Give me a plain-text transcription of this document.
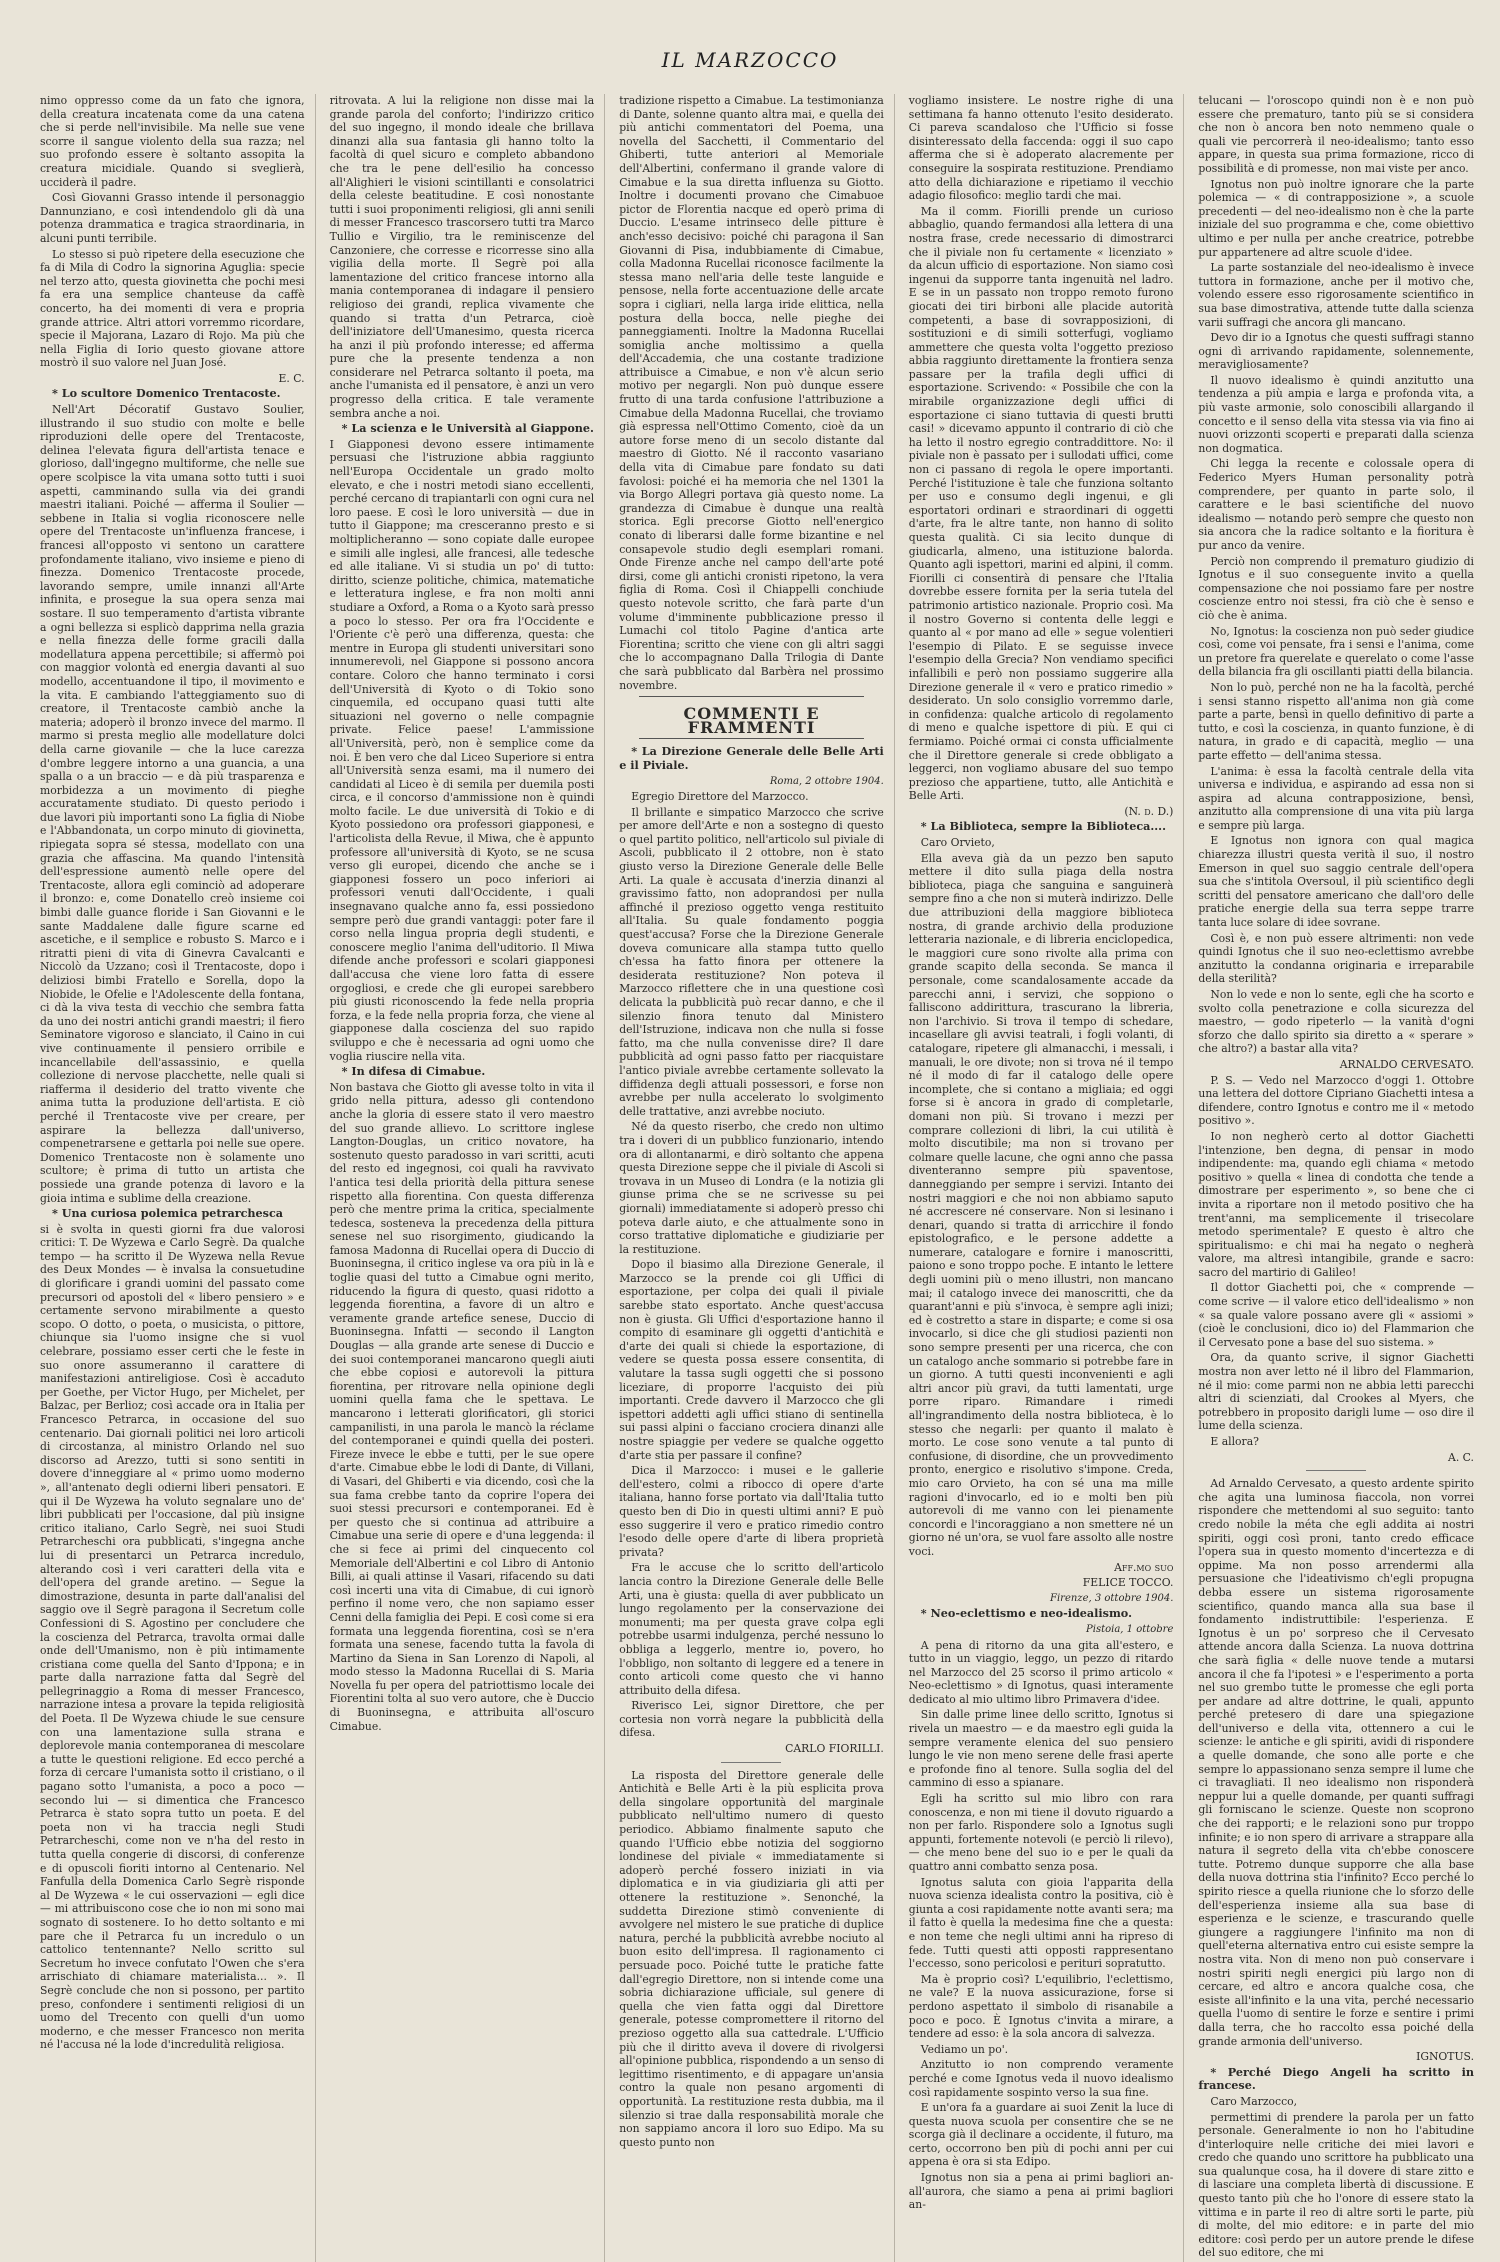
IL MARZOCCO

nimo oppresso come da un fato che ignora, della creatura incatenata come da una catena che si perde nell'invisibile. Ma nelle sue vene scorre il sangue violento della sua razza; nel suo profondo essere è soltanto assopita la creatura micidiale. Quando si sveglierà, ucciderà il padre.

Così Giovanni Grasso intende il personaggio Dannunziano, e così intendendolo gli dà una potenza drammatica e tragica straordinaria, in alcuni punti terribile.

Lo stesso si può ripetere della esecuzione che fa di Mila di Codro la signorina Aguglia: specie nel terzo atto, questa giovinetta che pochi mesi fa era una semplice chanteuse da caffè concerto, ha dei momenti di vera e propria grande attrice. Altri attori vorremmo ricordare, specie il Majorana, Lazaro di Rojo. Ma più che nella Figlia di Iorio questo giovane attore mostrò il suo valore nel Juan José.

E. C.

* Lo scultore Domenico Trentacoste.

Nell'Art Décoratif Gustavo Soulier, illustrando il suo studio con molte e belle riproduzioni delle opere del Trentacoste, delinea l'elevata figura dell'artista tenace e glorioso, dall'ingegno multiforme, che nelle sue opere scolpisce la vita umana sotto tutti i suoi aspetti, camminando sulla via dei grandi maestri italiani. Poiché — afferma il Soulier — sebbene in Italia si voglia riconoscere nelle opere del Trentacoste un'influenza francese, i francesi all'opposto vi sentono un carattere profondamente italiano, vivo insieme e pieno di finezza. Domenico Trentacoste procede, lavorando sempre, umile innanzi all'Arte infinita, e prosegue la sua opera senza mai sostare. Il suo temperamento d'artista vibrante a ogni bellezza si esplicò dapprima nella grazia e nella finezza delle forme gracili dalla modellatura appena percettibile; si affermò poi con maggior volontà ed energia davanti al suo modello, accentuandone il tipo, il movimento e la vita. E cambiando l'atteggiamento suo di creatore, il Trentacoste cambiò anche la materia; adoperò il bronzo invece del marmo. Il marmo si presta meglio alle modellature dolci della carne giovanile — che la luce carezza d'ombre leggere intorno a una guancia, a una spalla o a un braccio — e dà più trasparenza e morbidezza a un movimento di pieghe accuratamente studiato. Di questo periodo i due lavori più importanti sono La figlia di Niobe e l'Abbandonata, un corpo minuto di giovinetta, ripiegata sopra sé stessa, modellato con una grazia che affascina. Ma quando l'intensità dell'espressione aumentò nelle opere del Trentacoste, allora egli cominciò ad adoperare il bronzo: e, come Donatello creò insieme coi bimbi dalle guance floride i San Giovanni e le sante Maddalene dalle figure scarne ed ascetiche, e il semplice e robusto S. Marco e i ritratti pieni di vita di Ginevra Cavalcanti e Niccolò da Uzzano; così il Trentacoste, dopo i deliziosi bimbi Fratello e Sorella, dopo la Niobide, le Ofelie e l'Adolescente della fontana, ci dà la viva testa di vecchio che sembra fatta da uno dei nostri antichi grandi maestri; il fiero Seminatore vigoroso e slanciato, il Caino in cui vive continuamente il pensiero orribile e incancellabile dell'assassinio, e quella collezione di nervose placchette, nelle quali si riafferma il desiderio del tratto vivente che anima tutta la produzione dell'artista. E ciò perché il Trentacoste vive per creare, per aspirare la bellezza dall'universo, compenetrarsene e gettarla poi nelle sue opere. Domenico Trentacoste non è solamente uno scultore; è prima di tutto un artista che possiede una grande potenza di lavoro e la gioia intima e sublime della creazione.

* Una curiosa polemica petrarchesca

si è svolta in questi giorni fra due valorosi critici: T. De Wyzewa e Carlo Segrè. Da qualche tempo — ha scritto il De Wyzewa nella Revue des Deux Mondes — è invalsa la consuetudine di glorificare i grandi uomini del passato come precursori od apostoli del « libero pensiero » e certamente servono mirabilmente a questo scopo. O dotto, o poeta, o musicista, o pittore, chiunque sia l'uomo insigne che si vuol celebrare, possiamo esser certi che le feste in suo onore assumeranno il carattere di manifestazioni antireligiose. Così è accaduto per Goethe, per Victor Hugo, per Michelet, per Balzac, per Berlioz; così accade ora in Italia per Francesco Petrarca, in occasione del suo centenario. Dai giornali politici nei loro articoli di circostanza, al ministro Orlando nel suo discorso ad Arezzo, tutti si sono sentiti in dovere d'inneggiare al « primo uomo moderno », all'antenato degli odierni liberi pensatori. E qui il De Wyzewa ha voluto segnalare uno de' libri pubblicati per l'occasione, dal più insigne critico italiano, Carlo Segrè, nei suoi Studi Petrarcheschi ora pubblicati, s'ingegna anche lui di presentarci un Petrarca incredulo, alterando così i veri caratteri della vita e dell'opera del grande aretino. — Segue la dimostrazione, desunta in parte dall'analisi del saggio ove il Segrè paragona il Secretum colle Confessioni di S. Agostino per concludere che la coscienza del Petrarca, travolta ormai dalle onde dell'Umanismo, non è più intimamente cristiana come quella del Santo d'Ippona; e in parte dalla narrazione fatta dal Segrè del pellegrinaggio a Roma di messer Francesco, narrazione intesa a provare la tepida religiosità del Poeta. Il De Wyzewa chiude le sue censure con una lamentazione sulla strana e deplorevole mania contemporanea di mescolare a tutte le questioni religione. Ed ecco perché a forza di cercare l'umanista sotto il cristiano, o il pagano sotto l'umanista, a poco a poco — secondo lui — si dimentica che Francesco Petrarca è stato sopra tutto un poeta. E del poeta non vi ha traccia negli Studi Petrarcheschi, come non ve n'ha del resto in tutta quella congerie di discorsi, di conferenze e di opuscoli fioriti intorno al Centenario. Nel Fanfulla della Domenica Carlo Segrè risponde al De Wyzewa « le cui osservazioni — egli dice — mi attribuiscono cose che io non mi sono mai sognato di sostenere. Io ho detto soltanto e mi pare che il Petrarca fu un incredulo o un cattolico tentennante? Nello scritto sul Secretum ho invece confutato l'Owen che s'era arrischiato di chiamare materialista... ». Il Segrè conclude che non si possono, per partito preso, confondere i sentimenti religiosi di un uomo del Trecento con quelli d'un uomo moderno, e che messer Francesco non merita né l'accusa né la lode d'incredulità religiosa.

ritrovata. A lui la religione non disse mai la grande parola del conforto; l'indirizzo critico del suo ingegno, il mondo ideale che brillava dinanzi alla sua fantasia gli hanno tolto la facoltà di quel sicuro e completo abbandono che tra le pene dell'esilio ha concesso all'Alighieri le visioni scintillanti e consolatrici della celeste beatitudine. E così nonostante tutti i suoi proponimenti religiosi, gli anni senili di messer Francesco trascorsero tutti tra Marco Tullio e Virgilio, tra le reminiscenze del Canzoniere, che corresse e ricorresse sino alla vigilia della morte. Il Segrè poi alla lamentazione del critico francese intorno alla mania contemporanea di indagare il pensiero religioso dei grandi, replica vivamente che quando si tratta d'un Petrarca, cioè dell'iniziatore dell'Umanesimo, questa ricerca ha anzi il più profondo interesse; ed afferma pure che la presente tendenza a non considerare nel Petrarca soltanto il poeta, ma anche l'umanista ed il pensatore, è anzi un vero progresso della critica. E tale veramente sembra anche a noi.

* La scienza e le Università al Giappone.

I Giapponesi devono essere intimamente persuasi che l'istruzione abbia raggiunto nell'Europa Occidentale un grado molto elevato, e che i nostri metodi siano eccellenti, perché cercano di trapiantarli con ogni cura nel loro paese. E così le loro università — due in tutto il Giappone; ma cresceranno presto e si moltiplicheranno — sono copiate dalle europee e simili alle inglesi, alle francesi, alle tedesche ed alle italiane. Vi si studia un po' di tutto: diritto, scienze politiche, chimica, matematiche e letteratura inglese, e fra non molti anni studiare a Oxford, a Roma o a Kyoto sarà presso a poco lo stesso. Per ora fra l'Occidente e l'Oriente c'è però una differenza, questa: che mentre in Europa gli studenti universitari sono innumerevoli, nel Giappone si possono ancora contare. Coloro che hanno terminato i corsi dell'Università di Kyoto o di Tokio sono cinquemila, ed occupano quasi tutti alte situazioni nel governo o nelle compagnie private. Felice paese! L'ammissione all'Università, però, non è semplice come da noi. È ben vero che dal Liceo Superiore si entra all'Università senza esami, ma il numero dei candidati al Liceo è di semila per duemila posti circa, e il concorso d'ammissione non è quindi molto facile. Le due università di Tokio e di Kyoto possiedono ora professori giapponesi, e l'articolista della Revue, il Miwa, che è appunto professore all'università di Kyoto, se ne scusa verso gli europei, dicendo che anche se i giapponesi fossero un poco inferiori ai professori venuti dall'Occidente, i quali insegnavano qualche anno fa, essi possiedono sempre però due grandi vantaggi: poter fare il corso nella lingua propria degli studenti, e conoscere meglio l'anima dell'uditorio. Il Miwa difende anche professori e scolari giapponesi dall'accusa che viene loro fatta di essere orgogliosi, e crede che gli europei sarebbero più giusti riconoscendo la fede nella propria forza, e la fede nella propria forza, che viene al giapponese dalla coscienza del suo rapido sviluppo e che è necessaria ad ogni uomo che voglia riuscire nella vita.

* In difesa di Cimabue.

Non bastava che Giotto gli avesse tolto in vita il grido nella pittura, adesso gli contendono anche la gloria di essere stato il vero maestro del suo grande allievo. Lo scrittore inglese Langton-Douglas, un critico novatore, ha sostenuto questo paradosso in vari scritti, acuti del resto ed ingegnosi, coi quali ha ravvivato l'antica tesi della priorità della pittura senese rispetto alla fiorentina. Con questa differenza però che mentre prima la critica, specialmente tedesca, sosteneva la precedenza della pittura senese nel suo risorgimento, giudicando la famosa Madonna di Rucellai opera di Duccio di Buoninsegna, il critico inglese va ora più in là e toglie quasi del tutto a Cimabue ogni merito, riducendo la figura di questo, quasi ridotto a leggenda fiorentina, a favore di un altro e veramente grande artefice senese, Duccio di Buoninsegna. Infatti — secondo il Langton Douglas — alla grande arte senese di Duccio e dei suoi contemporanei mancarono quegli aiuti che ebbe copiosi e autorevoli la pittura fiorentina, per ritrovare nella opinione degli uomini quella fama che le spettava. Le mancarono i letterati glorificatori, gli storici campanilisti, in una parola le mancò la réclame del contemporanei e quindi quella dei posteri. Fireze invece le ebbe e tutti, per le sue opere d'arte. Cimabue ebbe le lodi di Dante, di Villani, di Vasari, del Ghiberti e via dicendo, così che la sua fama crebbe tanto da coprire l'opera dei suoi stessi precursori e contemporanei. Ed è per questo che si continua ad attribuire a Cimabue una serie di opere e d'una leggenda: il che si fece ai primi del cinquecento col Memoriale dell'Albertini e col Libro di Antonio Billi, ai quali attinse il Vasari, rifacendo su dati così incerti una vita di Cimabue, di cui ignorò perfino il nome vero, che non sapiamo esser Cenni della famiglia dei Pepi. E così come si era formata una leggenda fiorentina, così se n'era formata una senese, facendo tutta la favola di Martino da Siena in San Lorenzo di Napoli, al modo stesso la Madonna Rucellai di S. Maria Novella fu per opera del patriottismo locale dei Fiorentini tolta al suo vero autore, che è Duccio di Buoninsegna, e attribuita all'oscuro Cimabue.

tradizione rispetto a Cimabue. La testimonianza di Dante, solenne quanto altra mai, e quella dei più antichi commentatori del Poema, una novella del Sacchetti, il Commentario del Ghiberti, tutte anteriori al Memoriale dell'Albertini, confermano il grande valore di Cimabue e la sua diretta influenza su Giotto. Inoltre i documenti provano che Cimabuoe pictor de Florentia nacque ed operò prima di Duccio. L'esame intrinseco delle pitture è anch'esso decisivo: poiché chi paragona il San Giovanni di Pisa, indubbiamente di Cimabue, colla Madonna Rucellai riconosce facilmente la stessa mano nell'aria delle teste languide e pensose, nella forte accentuazione delle arcate sopra i cigliari, nella larga iride elittica, nella postura della bocca, nelle pieghe dei panneggiamenti. Inoltre la Madonna Rucellai somiglia anche moltissimo a quella dell'Accademia, che una costante tradizione attribuisce a Cimabue, e non v'è alcun serio motivo per negargli. Non può dunque essere frutto di una tarda confusione l'attribuzione a Cimabue della Madonna Rucellai, che troviamo già espressa nell'Ottimo Comento, cioè da un autore forse meno di un secolo distante dal maestro di Giotto. Né il racconto vasariano della vita di Cimabue pare fondato su dati favolosi: poiché ei ha memoria che nel 1301 la via Borgo Allegri portava già questo nome. La grandezza di Cimabue è dunque una realtà storica. Egli precorse Giotto nell'energico conato di liberarsi dalle forme bizantine e nel consapevole studio degli esemplari romani. Onde Firenze anche nel campo dell'arte poté dirsi, come gli antichi cronisti ripetono, la vera figlia di Roma. Così il Chiappelli conchiude questo notevole scritto, che farà parte d'un volume d'imminente pubblicazione presso il Lumachi col titolo Pagine d'antica arte Fiorentina; scritto che viene con gli altri saggi che lo accompagnano Dalla Trilogia di Dante che sarà pubblicato dal Barbèra nel prossimo novembre.

COMMENTI E FRAMMENTI

* La Direzione Generale delle Belle Arti e il Piviale.

Roma, 2 ottobre 1904.

Egregio Direttore del Marzocco.

Il brillante e simpatico Marzocco che scrive per amore dell'Arte e non a sostegno di questo o quel partito politico, nell'articolo sul piviale di Ascoli, pubblicato il 2 ottobre, non è stato giusto verso la Direzione Generale delle Belle Arti. La quale è accusata d'inerzia dinanzi al gravissimo fatto, non adoprandosi per nulla affinché il prezioso oggetto venga restituito all'Italia. Su quale fondamento poggia quest'accusa? Forse che la Direzione Generale doveva comunicare alla stampa tutto quello ch'essa ha fatto finora per ottenere la desiderata restituzione? Non poteva il Marzocco riflettere che in una questione così delicata la pubblicità può recar danno, e che il silenzio finora tenuto dal Ministero dell'Istruzione, indicava non che nulla si fosse fatto, ma che nulla convenisse dire? Il dare pubblicità ad ogni passo fatto per riacquistare l'antico piviale avrebbe certamente sollevato la diffidenza degli attuali possessori, e forse non avrebbe per nulla accelerato lo svolgimento delle trattative, anzi avrebbe nociuto.

Né da questo riserbo, che credo non ultimo tra i doveri di un pubblico funzionario, intendo ora di allontanarmi, e dirò soltanto che appena questa Direzione seppe che il piviale di Ascoli si trovava in un Museo di Londra (e la notizia gli giunse prima che se ne scrivesse su pei giornali) immediatamente si adoperò presso chi poteva darle aiuto, e che attualmente sono in corso trattative diplomatiche e giudiziarie per la restituzione.

Dopo il biasimo alla Direzione Generale, il Marzocco se la prende coi gli Uffici di esportazione, per colpa dei quali il piviale sarebbe stato esportato. Anche quest'accusa non è giusta. Gli Uffici d'esportazione hanno il compito di esaminare gli oggetti d'antichità e d'arte dei quali si chiede la esportazione, di vedere se questa possa essere consentita, di valutare la tassa sugli oggetti che si possono liceziare, di proporre l'acquisto dei più importanti. Crede davvero il Marzocco che gli ispettori addetti agli uffici stiano di sentinella sui passi alpini o facciano crociera dinanzi alle nostre spiaggie per vedere se qualche oggetto d'arte stia per passare il confine?

Dica il Marzocco: i musei e le gallerie dell'estero, colmi a ribocco di opere d'arte italiana, hanno forse portato via dall'Italia tutto questo ben di Dio in questi ultimi anni? E può esso suggerire il vero e pratico rimedio contro l'esodo delle opere d'arte di libera proprietà privata?

Fra le accuse che lo scritto dell'articolo lancia contro la Direzione Generale delle Belle Arti, una è giusta: quella di aver pubblicato un lungo regolamento per la conservazione dei monumenti; ma per questa grave colpa egli potrebbe usarmi indulgenza, perché nessuno lo obbliga a leggerlo, mentre io, povero, ho l'obbligo, non soltanto di leggere ed a tenere in conto articoli come questo che vi hanno attribuito della difesa.

Riverisco Lei, signor Direttore, che per cortesia non vorrà negare la pubblicità della difesa.

CARLO FIORILLI.

La risposta del Direttore generale delle Antichità e Belle Arti è la più esplicita prova della singolare opportunità del marginale pubblicato nell'ultimo numero di questo periodico. Abbiamo finalmente saputo che quando l'Ufficio ebbe notizia del soggiorno londinese del piviale « immediatamente si adoperò perché fossero iniziati in via diplomatica e in via giudiziaria gli atti per ottenere la restituzione ». Senonché, la suddetta Direzione stimò conveniente di avvolgere nel mistero le sue pratiche di duplice natura, perché la pubblicità avrebbe nociuto al buon esito dell'impresa. Il ragionamento ci persuade poco. Poiché tutte le pratiche fatte dall'egregio Direttore, non si intende come una sobria dichiarazione ufficiale, sul genere di quella che vien fatta oggi dal Direttore generale, potesse compromettere il ritorno del prezioso oggetto alla sua cattedrale. L'Ufficio più che il diritto aveva il dovere di rivolgersi all'opinione pubblica, rispondendo a un senso di legittimo risentimento, e di appagare un'ansia contro la quale non pesano argomenti di opportunità. La restituzione resta dubbia, ma il silenzio si trae dalla responsabilità morale che non sappiamo ancora il loro suo Edipo. Ma su questo punto non

vogliamo insistere. Le nostre righe di una settimana fa hanno ottenuto l'esito desiderato. Ci pareva scandaloso che l'Ufficio si fosse disinteressato della faccenda: oggi il suo capo afferma che si è adoperato alacremente per conseguire la sospirata restituzione. Prendiamo atto della dichiarazione e ripetiamo il vecchio adagio filosofico: meglio tardi che mai.

Ma il comm. Fiorilli prende un curioso abbaglio, quando fermandosi alla lettera di una nostra frase, crede necessario di dimostrarci che il piviale non fu certamente « licenziato » da alcun ufficio di esportazione. Non siamo così ingenui da supporre tanta ingenuità nel ladro. E se in un passato non troppo remoto furono giocati dei tiri birboni alle placide autorità competenti, a base di sovrapposizioni, di sostituzioni e di simili sotterfugi, vogliamo ammettere che questa volta l'oggetto prezioso abbia raggiunto direttamente la frontiera senza passare per la trafila degli uffici di esportazione. Scrivendo: « Possibile che con la mirabile organizzazione degli uffici di esportazione ci siano tuttavia di questi brutti casi! » dicevamo appunto il contrario di ciò che ha letto il nostro egregio contraddittore. No: il piviale non è passato per i sullodati uffici, come non ci passano di regola le opere importanti. Perché l'istituzione è tale che funziona soltanto per uso e consumo degli ingenui, e gli esportatori ordinari e straordinari di oggetti d'arte, fra le altre tante, non hanno di solito questa qualità. Ci sia lecito dunque di giudicarla, almeno, una istituzione balorda. Quanto agli ispettori, marini ed alpini, il comm. Fiorilli ci consentirà di pensare che l'Italia dovrebbe essere fornita per la seria tutela del patrimonio artistico nazionale. Proprio così. Ma il nostro Governo si contenta delle leggi e quanto al « por mano ad elle » segue volentieri l'esempio di Pilato. E se seguisse invece l'esempio della Grecia? Non vendiamo specifici infallibili e però non possiamo suggerire alla Direzione generale il « vero e pratico rimedio » desiderato. Un solo consiglio vorremmo darle, in confidenza: qualche articolo di regolamento di meno e qualche ispettore di più. E qui ci fermiamo. Poiché ormai ci consta ufficialmente che il Direttore generale si crede obbligato a leggerci, non vogliamo abusare del suo tempo prezioso che appartiene, tutto, alle Antichità e Belle Arti.

(N. d. D.)

* La Biblioteca, sempre la Biblioteca....

Caro Orvieto,

Ella aveva già da un pezzo ben saputo mettere il dito sulla piaga della nostra biblioteca, piaga che sanguina e sanguinerà sempre fino a che non si muterà indirizzo. Delle due attribuzioni della maggiore biblioteca nostra, di grande archivio della produzione letteraria nazionale, e di libreria enciclopedica, le maggiori cure sono rivolte alla prima con grande scapito della seconda. Se manca il personale, come scandalosamente accade da parecchi anni, i servizi, che soppiono o falliscono addirittura, trascurano la libreria, non l'archivio. Si trova il tempo di schedare, incasellare gli avvisi teatrali, i fogli volanti, di catalogare, ripetere gli almanacchi, i messali, i manuali, le ore divote; non si trova né il tempo né il modo di far il catalogo delle opere incomplete, che si contano a migliaia; ed oggi forse si è ancora in grado di completarle, domani non più. Si trovano i mezzi per comprare collezioni di libri, la cui utilità è molto discutibile; ma non si trovano per colmare quelle lacune, che ogni anno che passa diventeranno sempre più spaventose, danneggiando per sempre i servizi. Intanto dei nostri maggiori e che noi non abbiamo saputo né accrescere né conservare. Non si lesinano i denari, quando si tratta di arricchire il fondo epistolografico, e le persone addette a numerare, catalogare e fornire i manoscritti, paiono e sono troppo poche. E intanto le lettere degli uomini più o meno illustri, non mancano mai; il catalogo invece dei manoscritti, che da quarant'anni e più s'invoca, è sempre agli inizi; ed è costretto a stare in disparte; e come si osa invocarlo, si dice che gli studiosi pazienti non sono sempre presenti per una ricerca, che con un catalogo anche sommario si potrebbe fare in un giorno. A tutti questi inconvenienti e agli altri ancor più gravi, da tutti lamentati, urge porre riparo. Rimandare i rimedi all'ingrandimento della nostra biblioteca, è lo stesso che negarli: per quanto il malato è morto. Le cose sono venute a tal punto di confusione, di disordine, che un provvedimento pronto, energico e risolutivo s'impone. Creda, mio caro Orvieto, ha con sé una ma mille ragioni d'invocarlo, ed io e molti ben più autorevoli di me vanno con lei pienamente concordi e l'incoraggiano a non smettere né un giorno né un'ora, se vuol fare assolto alle nostre voci.

Aff.mo suo

FELICE TOCCO.

Firenze, 3 ottobre 1904.

* Neo-eclettismo e neo-idealismo.

Pistoia, 1 ottobre

A pena di ritorno da una gita all'estero, e tutto in un viaggio, leggo, un pezzo di ritardo nel Marzocco del 25 scorso il primo articolo « Neo-eclettismo » di Ignotus, quasi interamente dedicato al mio ultimo libro Primavera d'idee.

Sin dalle prime linee dello scritto, Ignotus si rivela un maestro — e da maestro egli guida la sempre veramente elenica del suo pensiero lungo le vie non meno serene delle frasi aperte e profonde fino al tenore. Sulla soglia del del cammino di esso a spianare.

Egli ha scritto sul mio libro con rara conoscenza, e non mi tiene il dovuto riguardo a non per farlo. Rispondere solo a Ignotus sugli appunti, fortemente notevoli (e perciò li rilevo), — che meno bene del suo io e per le quali da quattro anni combatto senza posa.

Ignotus saluta con gioia l'apparita della nuova scienza idealista contro la positiva, ciò è giunta a cosi rapidamente notte avanti sera; ma il fatto è quella la medesima fine che a questa: e non teme che negli ultimi anni ha ripreso di fede. Tutti questi atti opposti rappresentano l'eccesso, sono pericolosi e perituri sopratutto.

Ma è proprio così? L'equilibrio, l'eclettismo, ne vale? E la nuova assicurazione, forse si perdono aspettato il simbolo di risanabile a poco e poco. È Ignotus c'invita a mirare, a tendere ad esso: è la sola ancora di salvezza.

Vediamo un po'.

Anzitutto io non comprendo veramente perché e come Ignotus veda il nuovo idealismo così rapidamente sospinto verso la sua fine.

E un'ora fa a guardare ai suoi Zenit la luce di questa nuova scuola per consentire che se ne scorga già il declinare a occidente, il futuro, ma certo, occorrono ben più di pochi anni per cui appena è ora si sta Edipo.

Ignotus non sia a pena ai primi bagliori an-all'aurora, che siamo a pena ai primi bagliori an-

telucani — l'oroscopo quindi non è e non può essere che prematuro, tanto più se si considera che non ò ancora ben noto nemmeno quale o quali vie percorrerà il neo-idealismo; tanto esso appare, in questa sua prima formazione, ricco di possibilità e di promesse, non mai viste per anco.

Ignotus non può inoltre ignorare che la parte polemica — « di contrapposizione », a scuole precedenti — del neo-idealismo non è che la parte iniziale del suo programma e che, come obiettivo ultimo e per nulla per anche creatrice, potrebbe pur appartenere ad altre scuole d'idee.

La parte sostanziale del neo-idealismo è invece tuttora in formazione, anche per il motivo che, volendo essere esso rigorosamente scientifico in sua base dimostrativa, attende tutte dalla scienza varii suffragi che ancora gli mancano.

Devo dir io a Ignotus che questi suffragi stanno ogni dì arrivando rapidamente, solennemente, meravigliosamente?

Il nuovo idealismo è quindi anzitutto una tendenza a più ampia e larga e profonda vita, a più vaste armonie, solo conoscibili allargando il concetto e il senso della vita stessa via via fino ai nuovi orizzonti scoperti e preparati dalla scienza non dogmatica.

Chi legga la recente e colossale opera di Federico Myers Human personality potrà comprendere, per quanto in parte solo, il carattere e le basi scientifiche del nuovo idealismo — notando però sempre che questo non sia ancora che la radice soltanto e la fioritura è pur anco da venire.

Perciò non comprendo il prematuro giudizio di Ignotus e il suo conseguente invito a quella compensazione che noi possiamo fare per nostre coscienze entro noi stessi, fra ciò che è senso e ciò che è anima.

No, Ignotus: la coscienza non può seder giudice così, come voi pensate, fra i sensi e l'anima, come un pretore fra querelate e querelato o come l'asse della bilancia fra gli oscillanti piatti della bilancia.

Non lo può, perché non ne ha la facoltà, perché i sensi stanno rispetto all'anima non già come parte a parte, bensì in quello definitivo di parte a tutto, e così la coscienza, in quanto funzione, è di natura, in grado e di capacità, meglio — una parte effetto — dell'anima stessa.

L'anima: è essa la facoltà centrale della vita universa e individua, e aspirando ad essa non si aspira ad alcuna contrapposizione, bensì, anzitutto alla comprensione di una vita più larga e sempre più larga.

E Ignotus non ignora con qual magica chiarezza illustri questa verità il suo, il nostro Emerson in quel suo saggio centrale dell'opera sua che s'intitola Oversoul, il più scientifico degli scritti del pensatore americano che dall'oro delle pratiche energie della sua terra seppe trarre tanta luce solare di idee sovrane.

Così è, e non può essere altrimenti: non vede quindi Ignotus che il suo neo-eclettismo avrebbe anzitutto la condanna originaria e irreparabile della sterilità?

Non lo vede e non lo sente, egli che ha scorto e svolto colla penetrazione e colla sicurezza del maestro, — godo ripeterlo — la vanità d'ogni sforzo che dallo spirito sia diretto a « sperare » che altro?) a bastar alla vita?

ARNALDO CERVESATO.

P. S. — Vedo nel Marzocco d'oggi 1. Ottobre una lettera del dottore Cipriano Giachetti intesa a difendere, contro Ignotus e contro me il « metodo positivo ».

Io non negherò certo al dottor Giachetti l'intenzione, ben degna, di pensar in modo indipendente: ma, quando egli chiama « metodo positivo » quella « linea di condotta che tende a dimostrare per esperimento », so bene che ci invita a riportare non il metodo positivo che ha trent'anni, ma semplicemente il trisecolare metodo sperimentale? E questo è altro che spiritualismo: e chi mai ha negato o negherà valore, ma altresì intangibile, grande e sacro: sacro del martirio di Galileo!

Il dottor Giachetti poi, che « comprende — come scrive — il valore etico dell'idealismo » non « sa quale valore possano avere gli « assiomi » (cioè le conclusioni, dico io) del Flammarion che il Cervesato pone a base del suo sistema. »

Ora, da quanto scrive, il signor Giachetti mostra non aver letto né il libro del Flammarion, né il mio: come parmi non ne abbia letti parecchi altri di scienziati, dal Crookes al Myers, che potrebbero in proposito darigli lume — oso dire il lume della scienza.

E allora?

A. C.

Ad Arnaldo Cervesato, a questo ardente spirito che agita una luminosa fiaccola, non vorrei rispondere che mettendomi al suo seguito: tanto credo nobile la méta che egli addita ai nostri spiriti, oggi così proni, tanto credo efficace l'opera sua in questo momento d'incertezza e di oppime. Ma non posso arrendermi alla persuasione che l'ideativismo ch'egli propugna debba essere un sistema rigorosamente scientifico, quando manca alla sua base il fondamento indistruttibile: l'esperienza. E Ignotus è un po' sorpreso che il Cervesato attende ancora dalla Scienza. La nuova dottrina che sarà figlia « delle nuove tende a mutarsi ancora il che fa l'ipotesi » e l'esperimento a porta nel suo grembo tutte le promesse che egli porta per andare ad altre dottrine, le quali, appunto perché pretesero di dare una spiegazione dell'universo e della vita, ottennero a cui le scienze: le antiche e gli spiriti, avidi di rispondere a quelle domande, che sono alle porte e che sempre lo appassionano senza sempre il lume che ci travagliati. Il neo idealismo non risponderà neppur lui a quelle domande, per quanti suffragi gli forniscano le scienze. Queste non scoprono che dei rapporti; e le relazioni sono pur troppo infinite; e io non spero di arrivare a strappare alla natura il segreto della vita ch'ebbe conoscere tutte. Potremo dunque supporre che alla base della nuova dottrina stia l'infinito? Ecco perché lo spirito riesce a quella riunione che lo sforzo delle dell'esperienza insieme alla sua base di esperienza e le scienze, e trascurando quelle giungere a raggiungere l'infinito ma non di quell'eterna alternativa entro cui esiste sempre la nostra vita. Non di meno non può conservare i nostri spiriti negli energici più largo non di cercare, ed altro e ancora qualche cosa, che esiste all'infinito e la una vita, perché necessario quella l'uomo di sentire le forze e sentire i primi dalla terra, che ho raccolto essa poiché della grande armonia dell'universo.

IGNOTUS.

* Perché Diego Angeli ha scritto in francese.

Caro Marzocco,

permettimi di prendere la parola per un fatto personale. Generalmente io non ho l'abitudine d'interloquire nelle critiche dei miei lavori e credo che quando uno scrittore ha pubblicato una sua qualunque cosa, ha il dovere di stare zitto e di lasciare una completa libertà di discussione. E questo tanto più che ho l'onore di essere stato la vittima e in parte il reo di altre sorti le parte, più di molte, del mio editore: e in parte del mio editore: così perdo per un autore prende le difese del suo editore, che mi
